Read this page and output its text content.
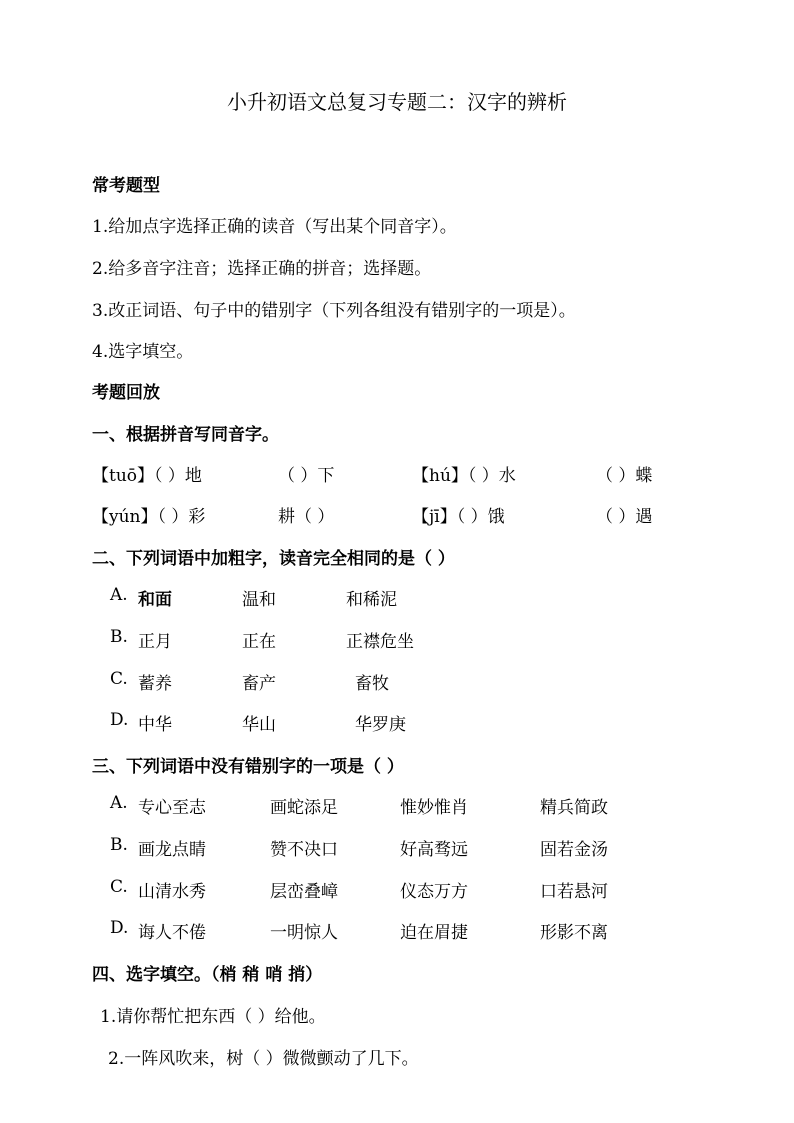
小升初语文总复习专题二：汉字的辨析
常考题型
1.给加点字选择正确的读音（写出某个同音字）。
2.给多音字注音；选择正确的拼音；选择题。
3.改正词语、句子中的错别字（下列各组没有错别字的一项是）。
4.选字填空。
考题回放
一、根据拼音写同音字。
【tuō】（ ）地	（ ）下	【hú】（ ）水	（ ）蝶
【yún】（ ）彩	耕（ ）	【jī】（ ）饿	（ ）遇
二、下列词语中加粗字，读音完全相同的是（ ）
A. 和面	温和	和稀泥
B. 正月	正在	正襟危坐
C. 蓄养	畜产	畜牧
D. 中华	华山	华罗庚
三、下列词语中没有错别字的一项是（ ）
A. 专心至志	画蛇添足	惟妙惟肖	精兵简政
B. 画龙点睛	赞不决口	好高骛远	固若金汤
C. 山清水秀	层峦叠嶂	仪态万方	口若悬河
D. 诲人不倦	一明惊人	迫在眉捷	形影不离
四、选字填空。（梢 稍 哨 捎）
1.请你帮忙把东西（ ）给他。
2.一阵风吹来，树（ ）微微颤动了几下。
